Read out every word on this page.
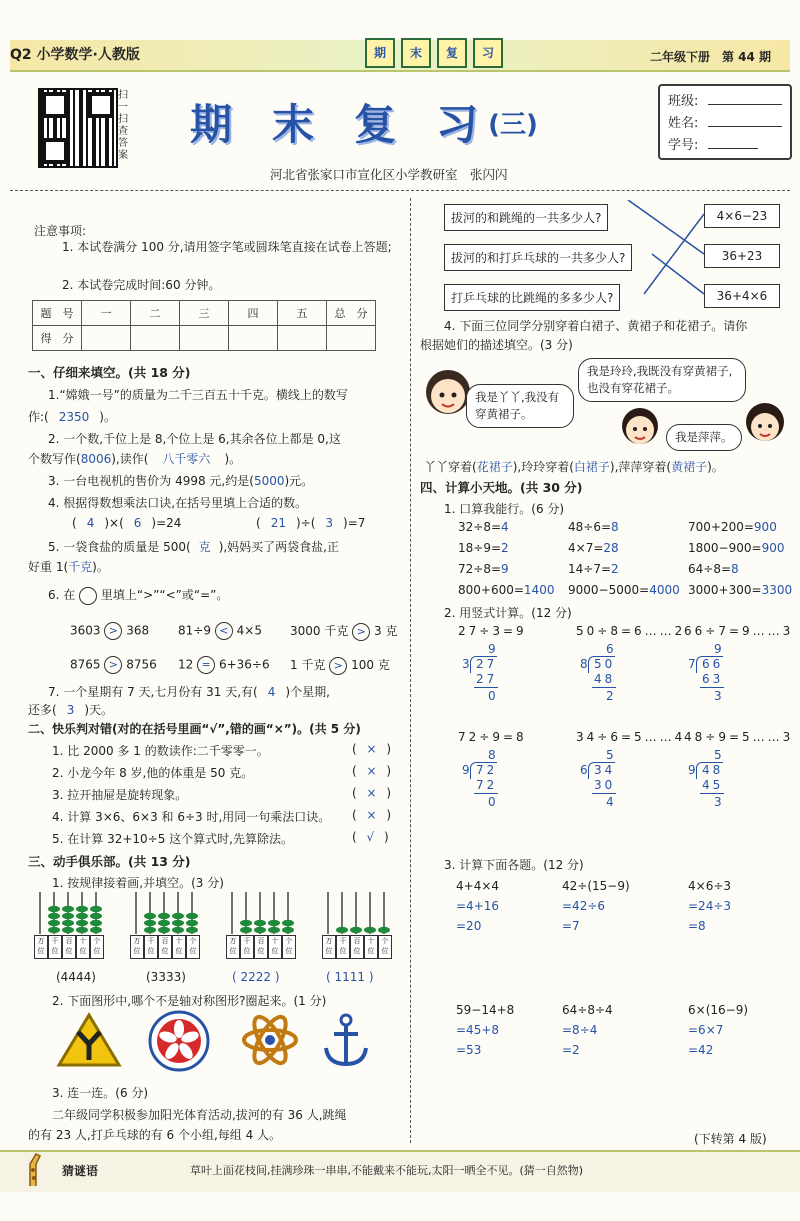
Q2 小学数学·人教版	期	末	复	习	二年级下册　第 44 期
扫一扫 查答案
期 末 复 习 (三)
河北省张家口市宣化区小学教研室　张闪闪
班级:
姓名:
学号:
注意事项:
1. 本试卷满分 100 分,请用签字笔或圆珠笔直接在试卷上答题;
2. 本试卷完成时间:60 分钟。
题　号	一	二	三	四	五	总　分
得　分						
一、仔细来填空。(共 18 分)
1.“嫦娥一号”的质量为二千三百五十千克。横线上的数写
作:( 2350 )。
2. 一个数,千位上是 8,个位上是 6,其余各位上都是 0,这
个数写作(8006),读作( 八千零六 )。
3. 一台电视机的售价为 4998 元,约是(5000)元。
4. 根据得数想乘法口诀,在括号里填上合适的数。
( 4 )×( 6 )=24	( 21 )÷( 3 )=7
5. 一袋食盐的质量是 500( 克 ),妈妈买了两袋食盐,正
好重 1(千克)。
6. 在 里填上“>”“<”或“=”。
3603 > 368 81÷9 < 4×5 3000 千克 > 3 克
8765 > 8756 12 = 6+36÷6 1 千克 > 100 克
7. 一个星期有 7 天,七月份有 31 天,有( 4 )个星期,
还多( 3 )天。
二、快乐判对错(对的在括号里画“√”,错的画“×”)。(共 5 分)
1. 比 2000 多 1 的数读作:二千零零一。	( × )
2. 小龙今年 8 岁,他的体重是 50 克。	( × )
3. 拉开抽屉是旋转现象。	( × )
4. 计算 3×6、6×3 和 6÷3 时,用同一句乘法口诀。 ( × )
5. 在计算 32+10÷5 这个算式时,先算除法。	( √ )
三、动手俱乐部。(共 13 分)
1. 按规律接着画,并填空。(3 分)
万位
千位
百位
十位
个位
万位
千位
百位
十位
个位
万位
千位
百位
十位
个位
万位
千位
百位
十位
个位
(4444)	(3333)	( 2222 )	( 1111 )
2. 下面图形中,哪个不是轴对称图形?圈起来。(1 分)
3. 连一连。(6 分)
二年级同学积极参加阳光体育活动,拔河的有 36 人,跳绳
的有 23 人,打乒乓球的有 6 个小组,每组 4 人。
拔河的和跳绳的一共多少人?
拔河的和打乒乓球的一共多少人?
打乒乓球的比跳绳的多多少人?
4×6−23
36+23
36+4×6
4. 下面三位同学分别穿着白裙子、黄裙子和花裙子。请你
根据她们的描述填空。(3 分)
我是丫丫,我没有穿黄裙子。
我是玲玲,我既没有穿黄裙子,也没有穿花裙子。
我是萍萍。
丫丫穿着(花裙子),玲玲穿着(白裙子),萍萍穿着(黄裙子)。
四、计算小天地。(共 30 分)
1. 口算我能行。(6 分)
32÷8=4	48÷6=8	700+200=900
18÷9=2	4×7=28	1800−900=900
72÷8=9	14÷7=2	64÷8=8
800+600=1400 9000−5000=4000 3000+300=3300
2. 用竖式计算。(12 分)
27÷3=9
9
3 27
27
0
50÷8=6……2
6
8 50
48
2
66÷7=9……3
9
7 66
63
3
72÷9=8
8
9 72
72
0
34÷6=5……4
5
6 34
30
4
48÷9=5……3
5
9 48
45
3
3. 计算下面各题。(12 分)
4+4×4
=4+16
=20
42÷(15−9)
=42÷6
=7
4×6÷3
=24÷3
=8
59−14+8
=45+8
=53
64÷8÷4
=8÷4
=2
6×(16−9)
=6×7
=42
猜谜语	草叶上面花枝间,挂满珍珠一串串,不能戴来不能玩,太阳一晒全不见。(猜一自然物)
(下转第 4 版)
